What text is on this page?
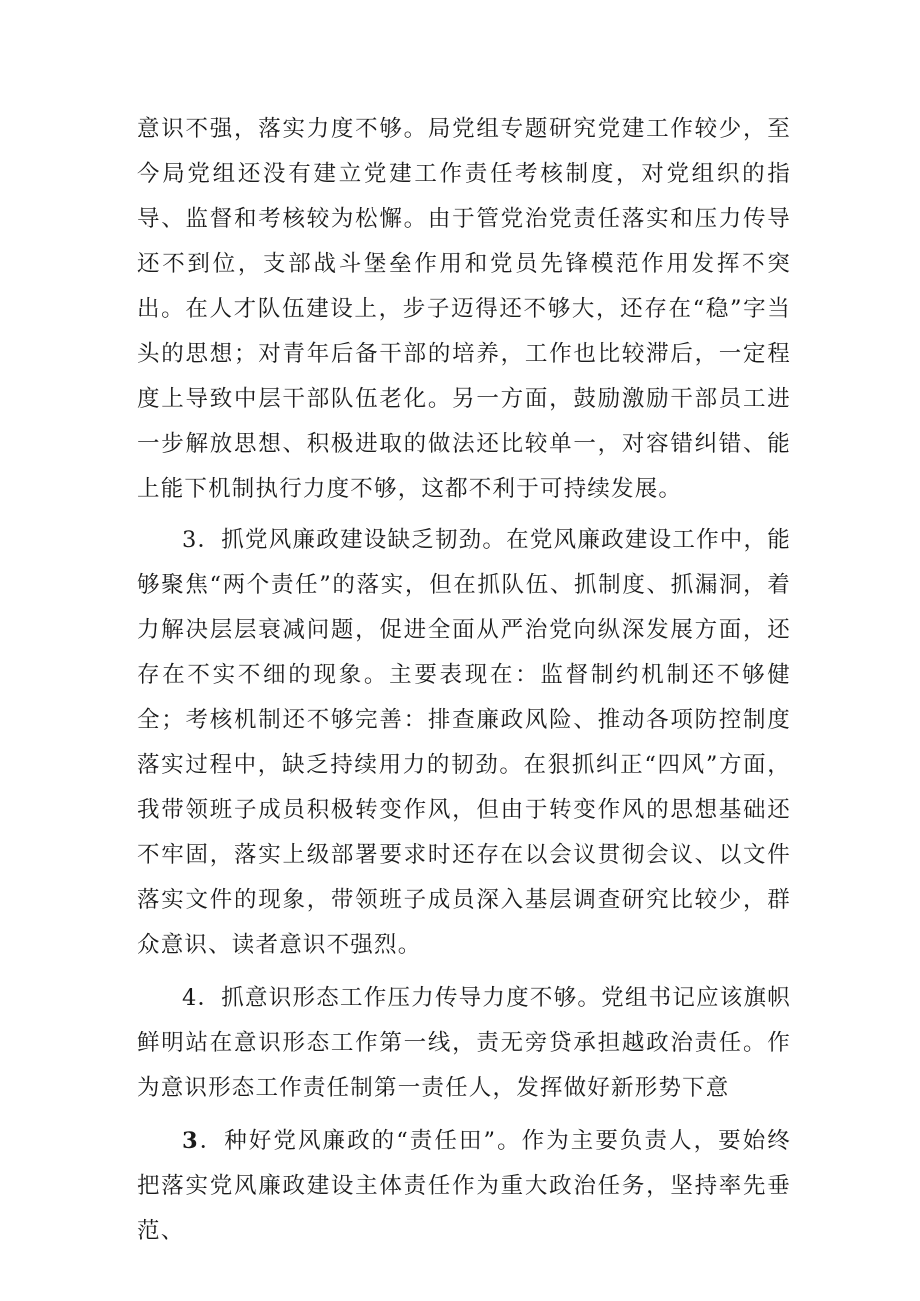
意识不强，落实力度不够。局党组专题研究党建工作较少，至今局党组还没有建立党建工作责任考核制度，对党组织的指导、监督和考核较为松懈。由于管党治党责任落实和压力传导还不到位，支部战斗堡垒作用和党员先锋模范作用发挥不突出。在人才队伍建设上，步子迈得还不够大，还存在“稳”字当头的思想；对青年后备干部的培养，工作也比较滞后，一定程度上导致中层干部队伍老化。另一方面，鼓励激励干部员工进一步解放思想、积极进取的做法还比较单一，对容错纠错、能上能下机制执行力度不够，这都不利于可持续发展。

3．抓党风廉政建设缺乏韧劲。在党风廉政建设工作中，能够聚焦“两个责任”的落实，但在抓队伍、抓制度、抓漏洞，着力解决层层衰减问题，促进全面从严治党向纵深发展方面，还存在不实不细的现象。主要表现在：监督制约机制还不够健全；考核机制还不够完善：排查廉政风险、推动各项防控制度落实过程中，缺乏持续用力的韧劲。在狠抓纠正“四风”方面，我带领班子成员积极转变作风，但由于转变作风的思想基础还不牢固，落实上级部署要求时还存在以会议贯彻会议、以文件落实文件的现象，带领班子成员深入基层调查研究比较少，群众意识、读者意识不强烈。

4．抓意识形态工作压力传导力度不够。党组书记应该旗帜鲜明站在意识形态工作第一线，责无旁贷承担越政治责任。作为意识形态工作责任制第一责任人，发挥做好新形势下意

3．种好党风廉政的“责任田”。作为主要负责人，要始终把落实党风廉政建设主体责任作为重大政治任务，坚持率先垂范、
